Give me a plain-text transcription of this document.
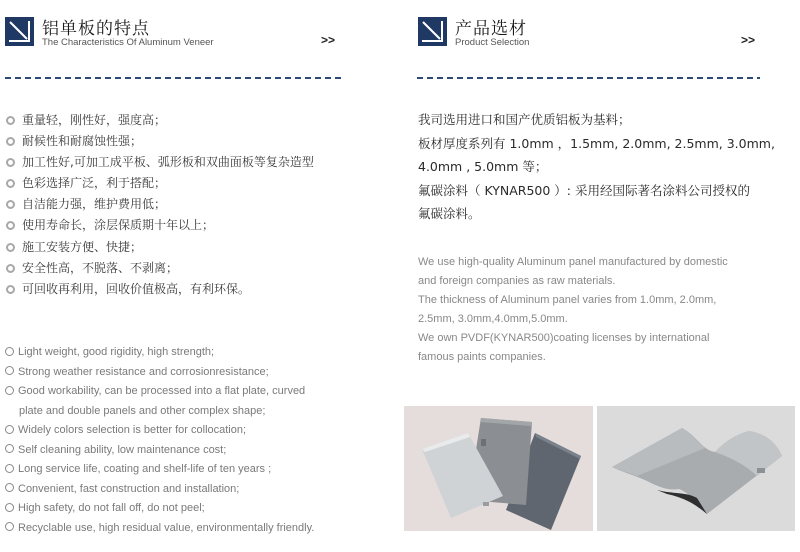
铝单板的特点
The Characteristics Of Aluminum Veneer	>>
重量轻，刚性好，强度高；
耐候性和耐腐蚀性强；
加工性好,可加工成平板、弧形板和双曲面板等复杂造型
色彩选择广泛，利于搭配；
自洁能力强，维护费用低；
使用寿命长，涂层保质期十年以上；
施工安装方便、快捷；
安全性高，不脱落、不剥离；
可回收再利用，回收价值极高，有利环保。
Light weight, good rigidity, high strength;
Strong weather resistance and corrosionresistance;
Good workability, can be processed into a flat plate, curved
plate and double panels and other complex shape;
Widely colors selection is better for collocation;
Self cleaning ability, low maintenance cost;
Long service life, coating and shelf-life of ten years ;
Convenient, fast construction and installation;
High safety, do not fall off, do not peel;
Recyclable use, high residual value, environmentally friendly.
产品选材
Product Selection	>>

我司选用进口和国产优质铝板为基料；

板材厚度系列有 1.0mm ，1.5mm, 2.0mm, 2.5mm, 3.0mm,

4.0mm , 5.0mm 等；

氟碳涂料（ KYNAR500 ）: 采用经国际著名涂料公司授权的

氟碳涂料。

We use high-quality Aluminum panel manufactured by domestic

and foreign companies as raw materials.

The thickness of Aluminum panel varies from 1.0mm, 2.0mm,

2.5mm, 3.0mm,4.0mm,5.0mm.

We own PVDF(KYNAR500)coating licenses by international

famous paints companies.
